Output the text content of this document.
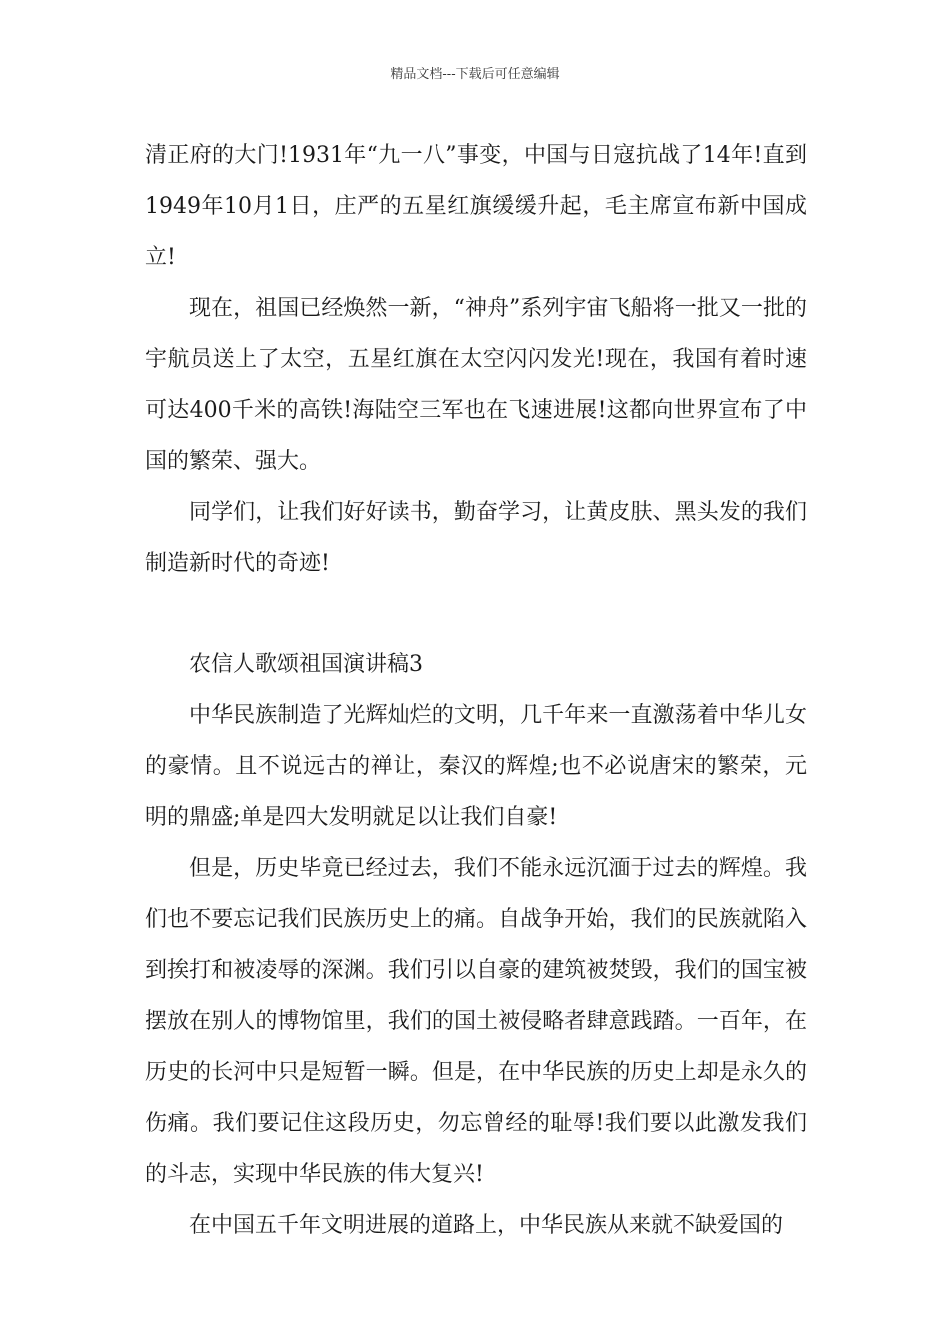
精品文档---下载后可任意编辑

清正府的大门!1931年“九一八”事变，中国与日寇抗战了14年!直到1949年10月1日，庄严的五星红旗缓缓升起，毛主席宣布新中国成立!

现在，祖国已经焕然一新，“神舟”系列宇宙飞船将一批又一批的宇航员送上了太空，五星红旗在太空闪闪发光!现在，我国有着时速可达400千米的高铁!海陆空三军也在飞速进展!这都向世界宣布了中国的繁荣、强大。

同学们，让我们好好读书，勤奋学习，让黄皮肤、黑头发的我们制造新时代的奇迹!

农信人歌颂祖国演讲稿3

中华民族制造了光辉灿烂的文明，几千年来一直激荡着中华儿女的豪情。且不说远古的禅让，秦汉的辉煌;也不必说唐宋的繁荣，元明的鼎盛;单是四大发明就足以让我们自豪!

但是，历史毕竟已经过去，我们不能永远沉湎于过去的辉煌。我们也不要忘记我们民族历史上的痛。自战争开始，我们的民族就陷入到挨打和被凌辱的深渊。我们引以自豪的建筑被焚毁，我们的国宝被摆放在别人的博物馆里，我们的国土被侵略者肆意践踏。一百年，在历史的长河中只是短暂一瞬。但是，在中华民族的历史上却是永久的伤痛。我们要记住这段历史，勿忘曾经的耻辱!我们要以此激发我们的斗志，实现中华民族的伟大复兴!

在中国五千年文明进展的道路上，中华民族从来就不缺爱国的
